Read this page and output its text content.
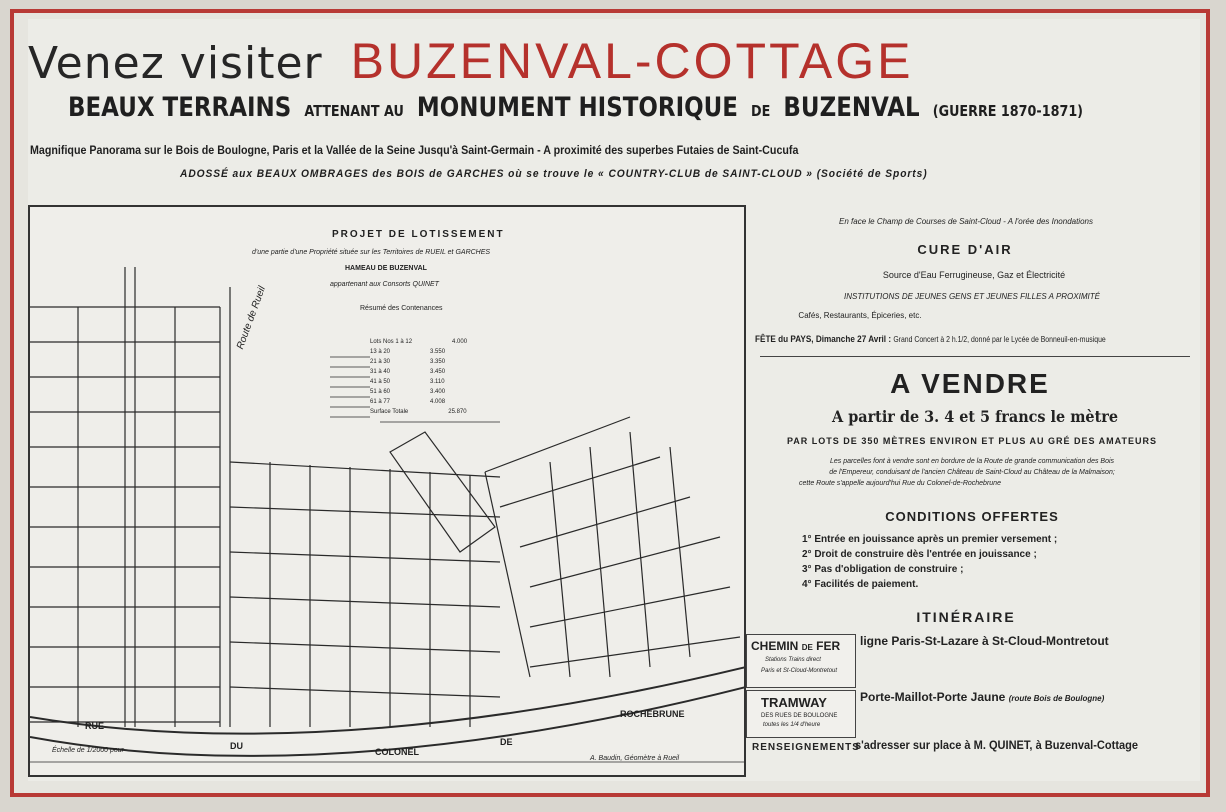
Venez visiter BUZENVAL-COTTAGE
BEAUX TERRAINS ATTENANT AU MONUMENT HISTORIQUE DE BUZENVAL (GUERRE 1870-1871)
Magnifique Panorama sur le Bois de Boulogne, Paris et la Vallée de la Seine Jusqu'à Saint-Germain - A proximité des superbes Futaies de Saint-Cucufa
ADOSSÉ aux BEAUX OMBRAGES des BOIS de GARCHES où se trouve le « COUNTRY-CLUB de SAINT-CLOUD » (Société de Sports)
PROJET DE LOTISSEMENT
d'une partie d'une Propriété située sur les Territoires de RUEIL et GARCHES
HAMEAU DE BUZENVAL
appartenant aux Consorts QUINET
Résumé des Contenances
Lots Nos 1 à 12	4.000
13 à 20	3.550
21 à 30	3.350
31 à 40	3.450
41 à 50	3.110
51 à 60	3.400
61 à 77	4.008
Surface Totale	25.870
Route de Rueil
RUE
DU
COLONEL
DE
ROCHEBRUNE
Échelle de 1/2000 pour
A. Baudin, Géomètre à Rueil
En face le Champ de Courses de Saint-Cloud - A l'orée des Inondations
CURE D'AIR
Source d'Eau Ferrugineuse, Gaz et Électricité
INSTITUTIONS DE JEUNES GENS ET JEUNES FILLES A PROXIMITÉ
Cafés, Restaurants, Épiceries, etc.
FÊTE du PAYS, Dimanche 27 Avril : Grand Concert à 2 h.1/2, donné par le Lycée de Bonneuil-en-musique
A VENDRE
A partir de 3. 4 et 5 francs le mètre
PAR LOTS DE 350 MÈTRES ENVIRON ET PLUS AU GRÉ DES AMATEURS
Les parcelles font à vendre sont en bordure de la Route de grande communication des Bois
de l'Empereur, conduisant de l'ancien Château de Saint-Cloud au Château de la Malmaison;
cette Route s'appelle aujourd'hui Rue du Colonel-de-Rochebrune
CONDITIONS OFFERTES
1° Entrée en jouissance après un premier versement ;
2° Droit de construire dès l'entrée en jouissance ;
3° Pas d'obligation de construire ;
4° Facilités de paiement.
ITINÉRAIRE
CHEMIN DE FER
Stations Trains direct
Paris et St-Cloud-Montretout
ligne Paris-St-Lazare à St-Cloud-Montretout
TRAMWAY
DES RUES DE BOULOGNE
toutes les 1/4 d'heure
Porte-Maillot-Porte Jaune (route Bois de Boulogne)
RENSEIGNEMENTS
s'adresser sur place à M. QUINET, à Buzenval-Cottage
